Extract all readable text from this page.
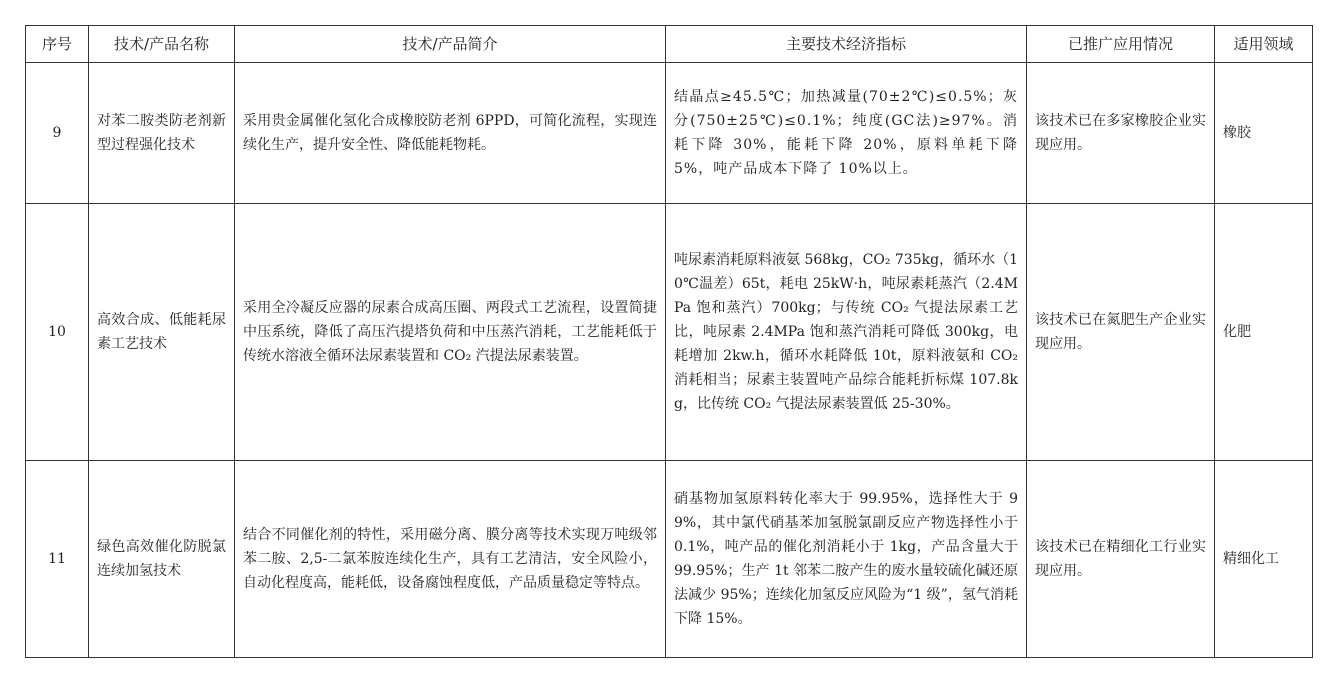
序号	技术/产品名称	技术/产品简介	主要技术经济指标	已推广应用情况	适用领域
9	对苯二胺类防老剂新型过程强化技术	采用贵金属催化氢化合成橡胶防老剂 6PPD，可简化流程，实现连续化生产，提升安全性、降低能耗物耗。	结晶点≥45.5℃；加热减量(70±2℃)≤0.5%；灰分(750±25℃)≤0.1%；纯度(GC法)≥97%。消耗下降 30%，能耗下降 20%，原料单耗下降 5%，吨产品成本下降了 10%以上。	该技术已在多家橡胶企业实现应用。	橡胶
10	高效合成、低能耗尿素工艺技术	采用全冷凝反应器的尿素合成高压圈、两段式工艺流程，设置简捷中压系统，降低了高压汽提塔负荷和中压蒸汽消耗，工艺能耗低于传统水溶液全循环法尿素装置和 CO₂ 汽提法尿素装置。	吨尿素消耗原料液氨 568kg，CO₂ 735kg，循环水（10℃温差）65t，耗电 25kW·h，吨尿素耗蒸汽（2.4MPa 饱和蒸汽）700kg；与传统 CO₂ 气提法尿素工艺比，吨尿素 2.4MPa 饱和蒸汽消耗可降低 300kg，电耗增加 2kw.h，循环水耗降低 10t，原料液氨和 CO₂ 消耗相当；尿素主装置吨产品综合能耗折标煤 107.8kg，比传统 CO₂ 气提法尿素装置低 25-30%。	该技术已在氮肥生产企业实现应用。	化肥
11	绿色高效催化防脱氯连续加氢技术	结合不同催化剂的特性，采用磁分离、膜分离等技术实现万吨级邻苯二胺、2,5-二氯苯胺连续化生产，具有工艺清洁，安全风险小，自动化程度高，能耗低，设备腐蚀程度低，产品质量稳定等特点。	硝基物加氢原料转化率大于 99.95%，选择性大于 99%，其中氯代硝基苯加氢脱氯副反应产物选择性小于 0.1%，吨产品的催化剂消耗小于 1kg，产品含量大于 99.95%；生产 1t 邻苯二胺产生的废水量较硫化碱还原法减少 95%；连续化加氢反应风险为“1 级”，氢气消耗下降 15%。	该技术已在精细化工行业实现应用。	精细化工
